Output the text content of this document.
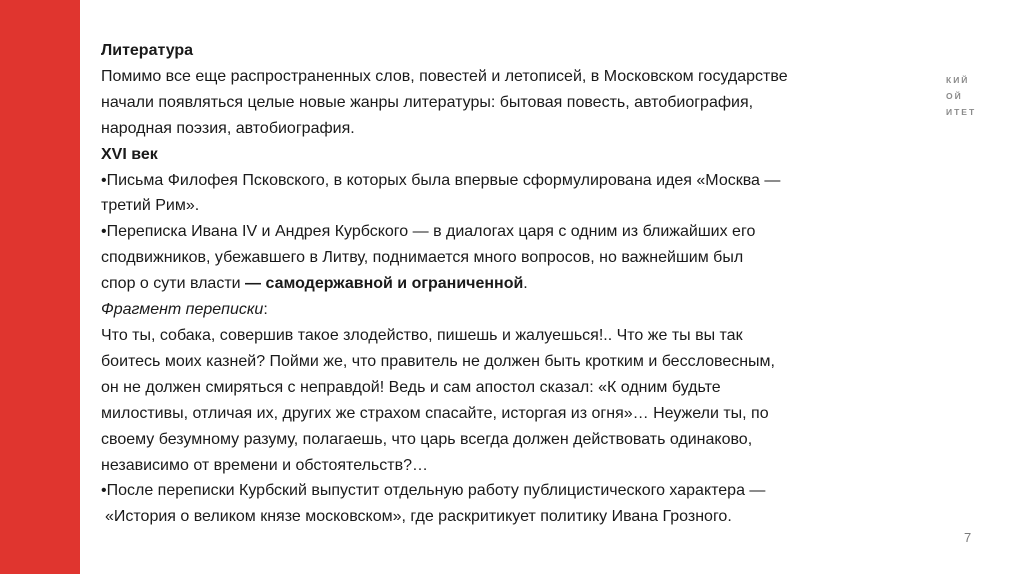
КИЙ
ОЙ
ИТЕТ

Литература

Помимо все еще распространенных слов, повестей и летописей, в Московском государстве

начали появляться целые новые жанры литературы: бытовая повесть, автобиография,

народная поэзия, автобиография.

XVI век

•Письма Филофея Псковского, в которых была впервые сформулирована идея «Москва —

третий Рим».

•Переписка Ивана IV и Андрея Курбского — в диалогах царя с одним из ближайших его

сподвижников, убежавшего в Литву, поднимается много вопросов, но важнейшим был

спор о сути власти — самодержавной и ограниченной.

Фрагмент переписки:

Что ты, собака, совершив такое злодейство, пишешь и жалуешься!.. Что же ты вы так

боитесь моих казней? Пойми же, что правитель не должен быть кротким и бессловесным,

он не должен смиряться с неправдой! Ведь и сам апостол сказал: «К одним будьте

милостивы, отличая их, других же страхом спасайте, исторгая из огня»… Неужели ты, по

своему безумному разуму, полагаешь, что царь всегда должен действовать одинаково,

независимо от времени и обстоятельств?…

•После переписки Курбский выпустит отдельную работу публицистического характера —

«История о великом князе московском», где раскритикует политику Ивана Грозного.

7
